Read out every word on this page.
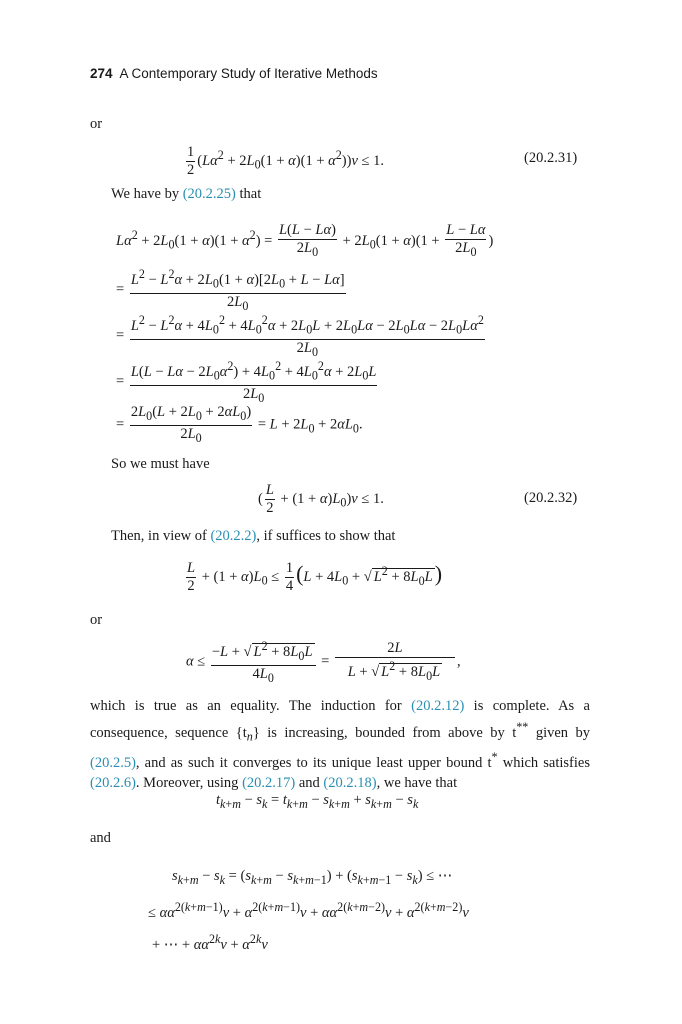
274 A Contemporary Study of Iterative Methods
or
$\frac{1}{2} (L\alpha^2 + 2L_0(1 + \alpha)(1 + \alpha^2))v \le 1$.	(20.2.31)
We have by (20.2.25) that
$L\alpha^2 + 2L_0(1 + \alpha)(1 + \alpha^2) = \frac{L(L - L\alpha)}{2L_0} + 2L_0(1 + \alpha)(1 + \frac{L - L\alpha}{2L_0}$ )
= $\frac{L^2 - L^2\alpha + 2L_0(1 + \alpha)[2L_0 + L - L\alpha]}{2L_0}$
= $\frac{L^2 - L^2\alpha + 4L_0^2 + 4L_0^2\alpha + 2L_0L + 2L_0L\alpha - 2L_0L\alpha - 2L_0L\alpha^2}{2L_0}$
= $\frac{L(L - L\alpha - 2L_0\alpha^2) + 4L_0^2 + 4L_0^2\alpha + 2L_0L}{2L_0}$
= $\frac{2L_0(L + 2L_0 + 2\alpha L_0)}{2L_0} = L + 2L_0 + 2\alpha L_0$.
So we must have
( $\frac{L}{2} + (1 + \alpha)L_0)v \le 1$.	(20.2.32)
Then, in view of (20.2.2), if suffices to show that
$\frac{L}{2} + (1 + \alpha)L_0 \le \frac{1}{4} (L + 4L_0$ + √ $L^2 + 8L_0L$)
or
$\alpha \le \frac{-L + √ L^2 + 8L_0L}{4L_0} = \frac{2L}{L + √ L^2 + 8L_0L}$ ,
which is true as an equality. The induction for (20.2.12) is complete. As a consequence, sequence $\{t_n\}$ is increasing, bounded from above by t** given by (20.2.5), and as such it converges to its unique least upper bound t* which satisfies (20.2.6). Moreover, using (20.2.17) and (20.2.18), we have that
$t_{k+m} - s_k = t_{k+m} - s_{k+m} + s_{k+m} - s_k$
and
$s_{k+m} - s_k = (s_{k+m} - s_{k+m-1}) + (s_{k+m-1} - s_k)$ ≤ ⋯
≤ $\alpha\alpha^{2(k+m-1)}v + \alpha^{2(k+m-1)}v + \alpha\alpha^{2(k+m-2)}v + \alpha^{2(k+m-2)}v$
+ ⋯ + $\alpha\alpha^{2k}v + \alpha^{2k}v$
